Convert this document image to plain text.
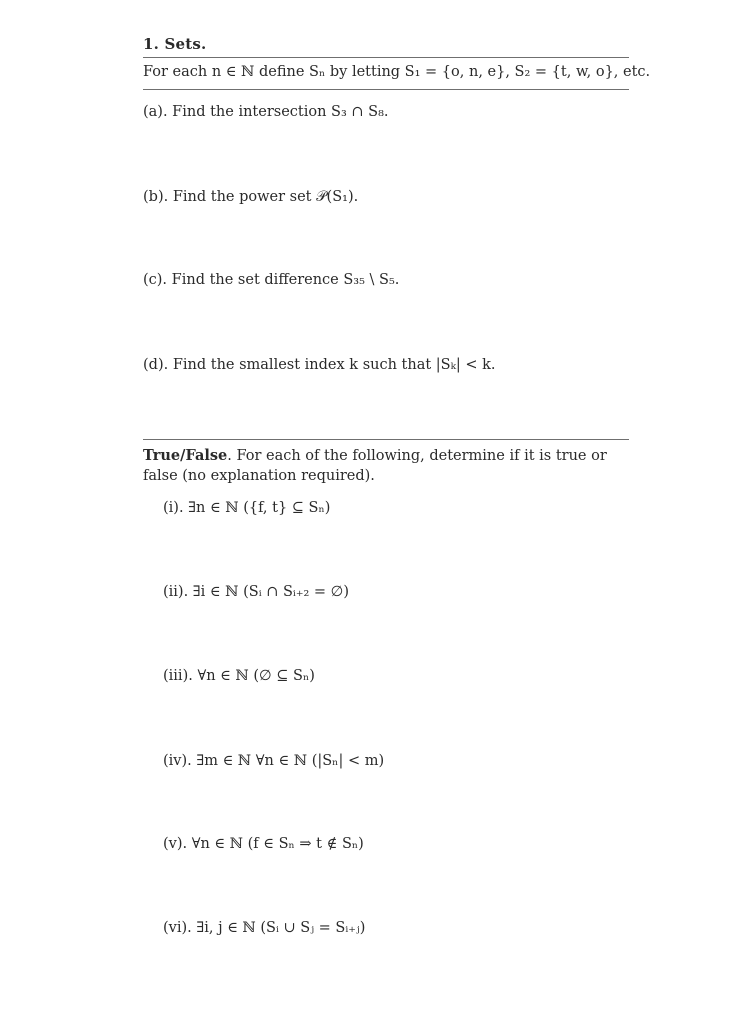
1. Sets.
For each n ∈ ℕ define Sₙ by letting S₁ = {o, n, e}, S₂ = {t, w, o}, etc.
(a). Find the intersection S₃ ∩ S₈.
(b). Find the power set 𝒫(S₁).
(c). Find the set difference S₃₅ \ S₅.
(d). Find the smallest index k such that |Sₖ| < k.
True/False. For each of the following, determine if it is true or false (no explanation required).
(i). ∃n ∈ ℕ ({f, t} ⊆ Sₙ)
(ii). ∃i ∈ ℕ (Sᵢ ∩ Sᵢ₊₂ = ∅)
(iii). ∀n ∈ ℕ (∅ ⊆ Sₙ)
(iv). ∃m ∈ ℕ ∀n ∈ ℕ (|Sₙ| < m)
(v). ∀n ∈ ℕ (f ∈ Sₙ ⇒ t ∉ Sₙ)
(vi). ∃i, j ∈ ℕ (Sᵢ ∪ Sⱼ = Sᵢ₊ⱼ)
